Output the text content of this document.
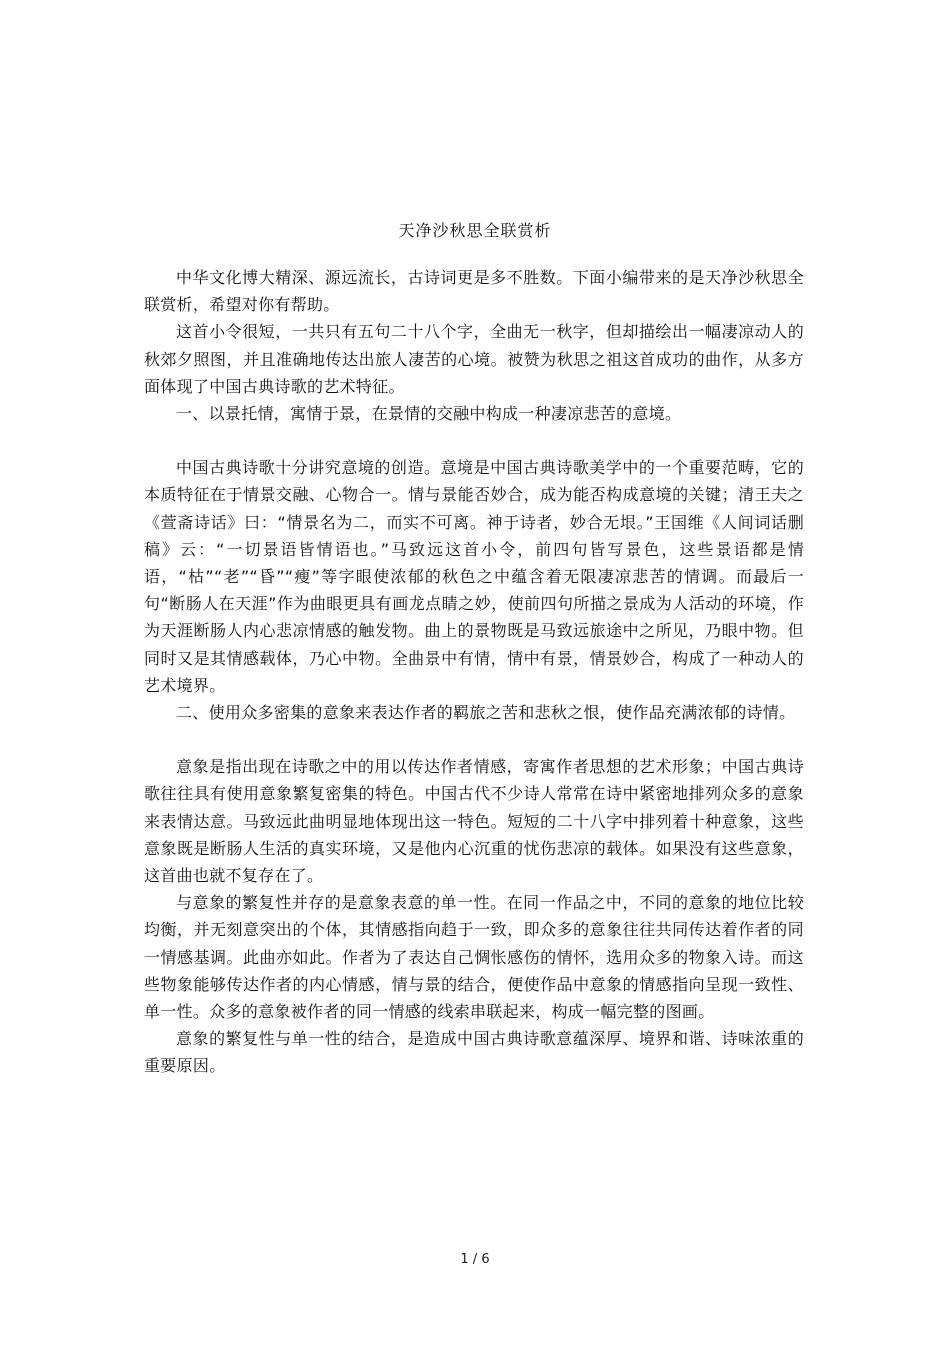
天净沙秋思全联赏析

中华文化博大精深、源远流长，古诗词更是多不胜数。下面小编带来的是天净沙秋思全联赏析，希望对你有帮助。

这首小令很短，一共只有五句二十八个字，全曲无一秋字，但却描绘出一幅凄凉动人的秋郊夕照图，并且准确地传达出旅人凄苦的心境。被赞为秋思之祖这首成功的曲作，从多方面体现了中国古典诗歌的艺术特征。

一、以景托情，寓情于景，在景情的交融中构成一种凄凉悲苦的意境。

中国古典诗歌十分讲究意境的创造。意境是中国古典诗歌美学中的一个重要范畴，它的本质特征在于情景交融、心物合一。情与景能否妙合，成为能否构成意境的关键；清王夫之《萱斋诗话》曰：“情景名为二，而实不可离。神于诗者，妙合无垠。”王国维《人间词话删稿》云：“一切景语皆情语也。”马致远这首小令，前四句皆写景色，这些景语都是情语，“枯”“老”“昏”“瘦”等字眼使浓郁的秋色之中蕴含着无限凄凉悲苦的情调。而最后一句“断肠人在天涯”作为曲眼更具有画龙点睛之妙，使前四句所描之景成为人活动的环境，作为天涯断肠人内心悲凉情感的触发物。曲上的景物既是马致远旅途中之所见，乃眼中物。但同时又是其情感载体，乃心中物。全曲景中有情，情中有景，情景妙合，构成了一种动人的艺术境界。

二、使用众多密集的意象来表达作者的羁旅之苦和悲秋之恨，使作品充满浓郁的诗情。

意象是指出现在诗歌之中的用以传达作者情感，寄寓作者思想的艺术形象；中国古典诗歌往往具有使用意象繁复密集的特色。中国古代不少诗人常常在诗中紧密地排列众多的意象来表情达意。马致远此曲明显地体现出这一特色。短短的二十八字中排列着十种意象，这些意象既是断肠人生活的真实环境，又是他内心沉重的忧伤悲凉的载体。如果没有这些意象，这首曲也就不复存在了。

与意象的繁复性并存的是意象表意的单一性。在同一作品之中，不同的意象的地位比较均衡，并无刻意突出的个体，其情感指向趋于一致，即众多的意象往往共同传达着作者的同一情感基调。此曲亦如此。作者为了表达自己惆怅感伤的情怀，选用众多的物象入诗。而这些物象能够传达作者的内心情感，情与景的结合，便使作品中意象的情感指向呈现一致性、单一性。众多的意象被作者的同一情感的线索串联起来，构成一幅完整的图画。

意象的繁复性与单一性的结合，是造成中国古典诗歌意蕴深厚、境界和谐、诗味浓重的重要原因。

1 / 6
